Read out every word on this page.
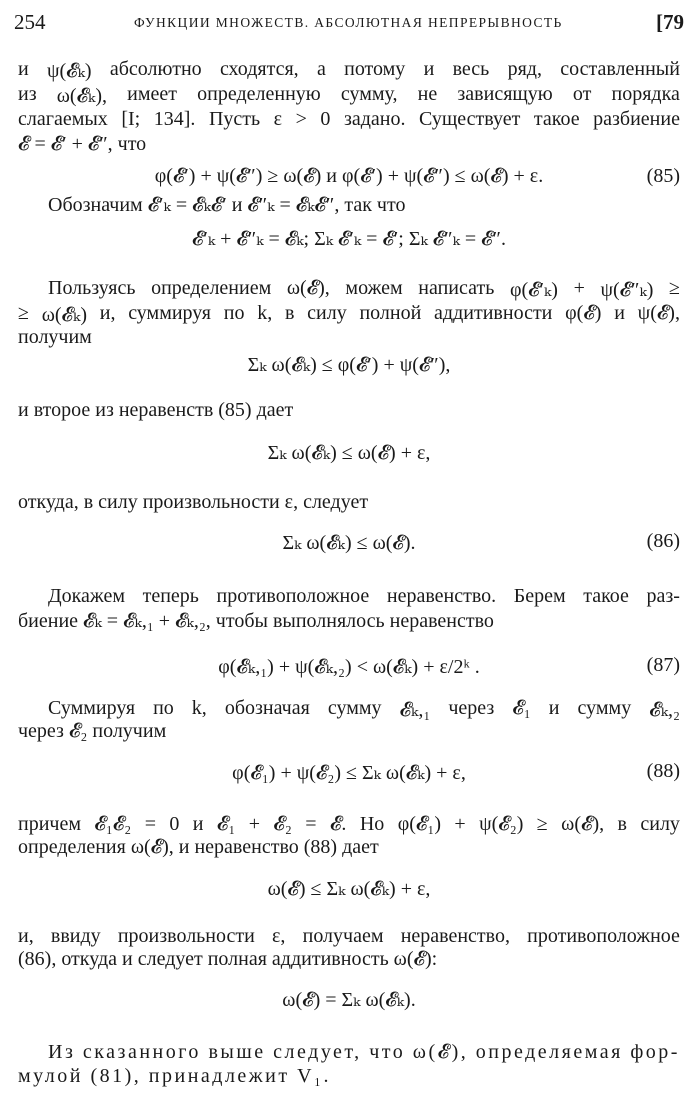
254	ФУНКЦИИ МНОЖЕСТВ. АБСОЛЮТНАЯ НЕПРЕРЫВНОСТЬ	[79
и ψ(𝓔ₖ) абсолютно сходятся, а потому и весь ряд, составленный
из ω(𝓔ₖ), имеет определенную сумму, не зависящую от порядка
слагаемых [I; 134]. Пусть ε > 0 задано. Существует такое разбиение
𝓔 = 𝓔′ + 𝓔″, что
φ(𝓔′) + ψ(𝓔″) ≥ ω(𝓔) и φ(𝓔′) + ψ(𝓔″) ≤ ω(𝓔) + ε.	(85)
Обозначим 𝓔′ₖ = 𝓔ₖ𝓔′ и 𝓔″ₖ = 𝓔ₖ𝓔″, так что
𝓔′ₖ + 𝓔″ₖ = 𝓔ₖ; Σₖ 𝓔′ₖ = 𝓔′; Σₖ 𝓔″ₖ = 𝓔″.
Пользуясь определением ω(𝓔), можем написать φ(𝓔′ₖ) + ψ(𝓔″ₖ) ≥
≥ ω(𝓔ₖ) и, суммируя по k, в силу полной аддитивности φ(𝓔) и ψ(𝓔),
получим
Σₖ ω(𝓔ₖ) ≤ φ(𝓔′) + ψ(𝓔″),
и второе из неравенств (85) дает
Σₖ ω(𝓔ₖ) ≤ ω(𝓔) + ε,
откуда, в силу произвольности ε, следует
Σₖ ω(𝓔ₖ) ≤ ω(𝓔).	(86)
Докажем теперь противоположное неравенство. Берем такое раз-
биение 𝓔ₖ = 𝓔ₖ,₁ + 𝓔ₖ,₂, чтобы выполнялось неравенство
φ(𝓔ₖ,₁) + ψ(𝓔ₖ,₂) < ω(𝓔ₖ) + ε/2ᵏ .	(87)
Суммируя по k, обозначая сумму 𝓔ₖ,₁ через 𝓔₁ и сумму 𝓔ₖ,₂
через 𝓔₂ получим
φ(𝓔₁) + ψ(𝓔₂) ≤ Σₖ ω(𝓔ₖ) + ε,	(88)
причем 𝓔₁𝓔₂ = 0 и 𝓔₁ + 𝓔₂ = 𝓔. Но φ(𝓔₁) + ψ(𝓔₂) ≥ ω(𝓔), в силу
определения ω(𝓔), и неравенство (88) дает
ω(𝓔) ≤ Σₖ ω(𝓔ₖ) + ε,
и, ввиду произвольности ε, получаем неравенство, противоположное
(86), откуда и следует полная аддитивность ω(𝓔):
ω(𝓔) = Σₖ ω(𝓔ₖ).
Из сказанного выше следует, что ω(𝓔), определяемая фор-
мулой (81), принадлежит V₁.
